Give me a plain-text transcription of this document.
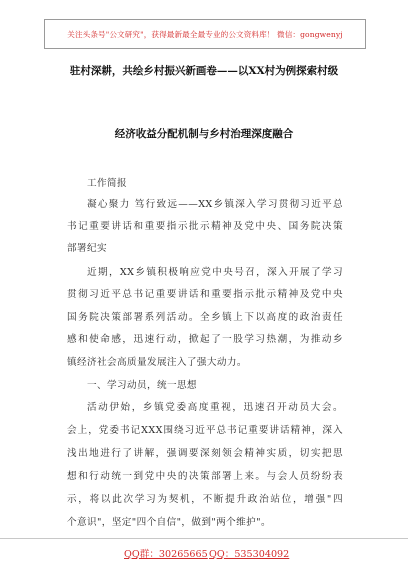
关注头条号"公文研究"，获得最新最全最专业的公文资料库！ 微信：gongwenyj
驻村深耕，共绘乡村振兴新画卷——以XX村为例探索村级
经济收益分配机制与乡村治理深度融合
工作简报
凝心聚力 笃行致远——XX乡镇深入学习贯彻习近平总
书记重要讲话和重要指示批示精神及党中央、国务院决策
部署纪实
近期，XX乡镇积极响应党中央号召，深入开展了学习
贯彻习近平总书记重要讲话和重要指示批示精神及党中央
国务院决策部署系列活动。全乡镇上下以高度的政治责任
感和使命感，迅速行动，掀起了一股学习热潮，为推动乡
镇经济社会高质量发展注入了强大动力。
一、学习动员，统一思想
活动伊始，乡镇党委高度重视，迅速召开动员大会。
会上，党委书记XXX围绕习近平总书记重要讲话精神，深入
浅出地进行了讲解，强调要深刻领会精神实质，切实把思
想和行动统一到党中央的决策部署上来。与会人员纷纷表
示，将以此次学习为契机，不断提升政治站位，增强"四
个意识"，坚定"四个自信"，做到"两个维护"。
QQ群：30265665 QQ：535304092
